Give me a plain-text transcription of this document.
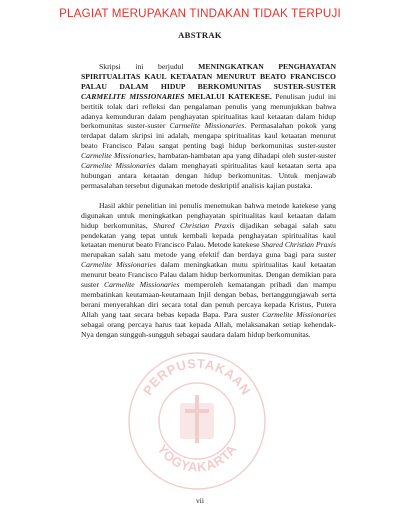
PLAGIAT MERUPAKAN TINDAKAN TIDAK TERPUJI
ABSTRAK

Skripsi ini berjudul MENINGKATKAN PENGHAYATAN SPIRITUALITAS KAUL KETAATAN MENURUT BEATO FRANCISCO PALAU DALAM HIDUP BERKOMUNITAS SUSTER-SUSTER CARMELITE MISSIONARIES MELALUI KATEKESE. Penulisan judul ini bertitik tolak dari refleksi dan pengalaman penulis yang menunjukkan bahwa adanya kemunduran dalam penghayatan spiritualitas kaul ketaatan dalam hidup berkomunitas suster-suster Carmelite Missionaries. Permasalahan pokok yang terdapat dalam skripsi ini adalah, mengapa spiritualitas kaul ketaatan menurut beato Francisco Palau sangat penting bagi hidup berkomunitas suster-suster Carmelite Missionaries, hambatan-hambatan apa yang dihadapi oleh suster-suster Carmelite Missionaries dalam menghayati spiritualitas kaul ketaatan serta apa hubungan antara ketaatan dengan hidup berkomunitas. Untuk menjawab permasalahan tersebut digunakan metode deskriptif analisis kajian pustaka.

Hasil akhir penelitian ini penulis menemukan bahwa metode katekese yang digunakan untuk meningkatkan penghayatan spiritualitas kaul ketaatan dalam hidup berkomunitas, Shared Christian Praxis dijadikan sebagai salah satu pendekatan yang tepat untuk kembali kepada penghayatan spiritualitas kaul ketaatan menurut beato Francisco Palau. Metode katekese Shared Christian Praxis merupakan salah satu metode yang efektif dan berdaya guna bagi para suster Carmelite Missionaries dalam meningkatkan mutu spiritualitas kaul ketaatan menurut beato Francisco Palau dalam hidup berkomunitas. Dengan demikian para suster Carmelite Missionaries memperoleh kematangan pribadi dan mampu membatinkan keutamaan-keutamaan Injil dengan bebas, bertanggungjawab serta berani menyerahkan diri secara total dan penuh percaya kepada Kristus, Putera Allah yang taat secara bebas kepada Bapa. Para suster Carmelite Missionaries sebagai orang percaya harus taat kepada Allah, melaksanakan setiap kehendak-Nya dengan sungguh-sungguh sebagai saudara dalam hidup berkomunitas.

PERPUSTAKAAN
YOGYAKARTA
vii
